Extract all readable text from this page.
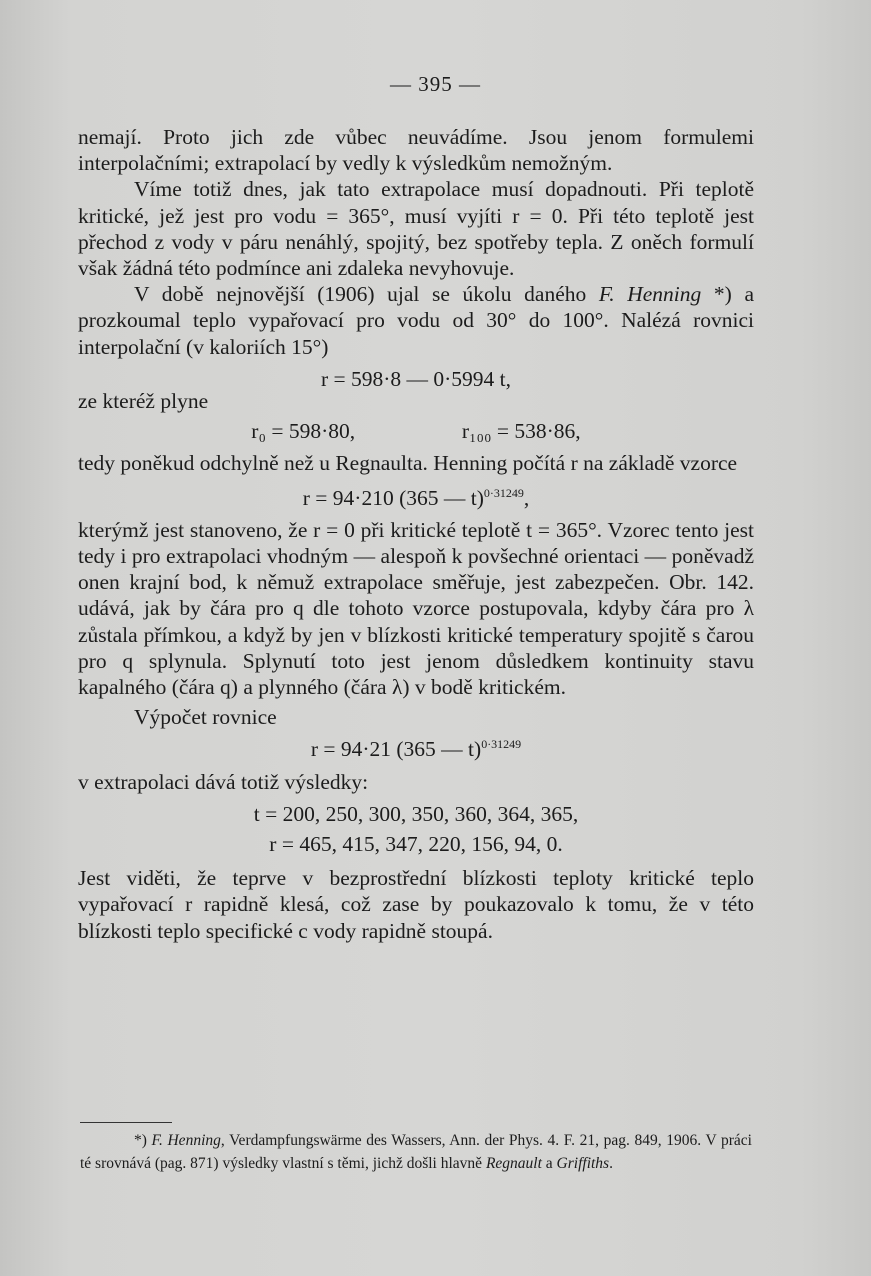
— 395 —

nemají. Proto jich zde vůbec neuvádíme. Jsou jenom formulemi interpolačními; extrapolací by vedly k výsledkům nemožným.

Víme totiž dnes, jak tato extrapolace musí dopadnouti. Při teplotě kritické, jež jest pro vodu = 365°, musí vyjíti r = 0. Při této teplotě jest přechod z vody v páru nenáhlý, spojitý, bez spotřeby tepla. Z oněch formulí však žádná této podmínce ani zdaleka nevyhovuje.

V době nejnovější (1906) ujal se úkolu daného F. Henning *) a prozkoumal teplo vypařovací pro vodu od 30° do 100°. Nalézá rovnici interpolační (v kaloriích 15°)

r = 598·8 — 0·5994 t,

ze kteréž plyne

r₀ = 598·80,	r₁₀₀ = 538·86,

tedy poněkud odchylně než u Regnaulta. Henning počítá r na základě vzorce

r = 94·210 (365 — t)$^{0\cdot 31249}$,

kterýmž jest stanoveno, že r = 0 při kritické teplotě t = 365°. Vzorec tento jest tedy i pro extrapolaci vhodným — alespoň k povšechné orientaci — poněvadž onen krajní bod, k němuž extrapolace směřuje, jest zabezpečen. Obr. 142. udává, jak by čára pro q dle tohoto vzorce postupovala, kdyby čára pro λ zůstala přímkou, a když by jen v blízkosti kritické temperatury spojitě s čarou pro q splynula. Splynutí toto jest jenom důsledkem kontinuity stavu kapalného (čára q) a plynného (čára λ) v bodě kritickém.

Výpočet rovnice

r = 94·21 (365 — t)$^{0\cdot 31249}$

v extrapolaci dává totiž výsledky:

t = 200, 250, 300, 350, 360, 364, 365,
r = 465, 415, 347, 220, 156, 94, 0.

Jest viděti, že teprve v bezprostřední blízkosti teploty kritické teplo vypařovací r rapidně klesá, což zase by poukazovalo k tomu, že v této blízkosti teplo specifické c vody rapidně stoupá.

*) F. Henning, Verdampfungswärme des Wassers, Ann. der Phys. 4. F. 21, pag. 849, 1906. V práci té srovnává (pag. 871) výsledky vlastní s těmi, jichž došli hlavně Regnault a Griffiths.
